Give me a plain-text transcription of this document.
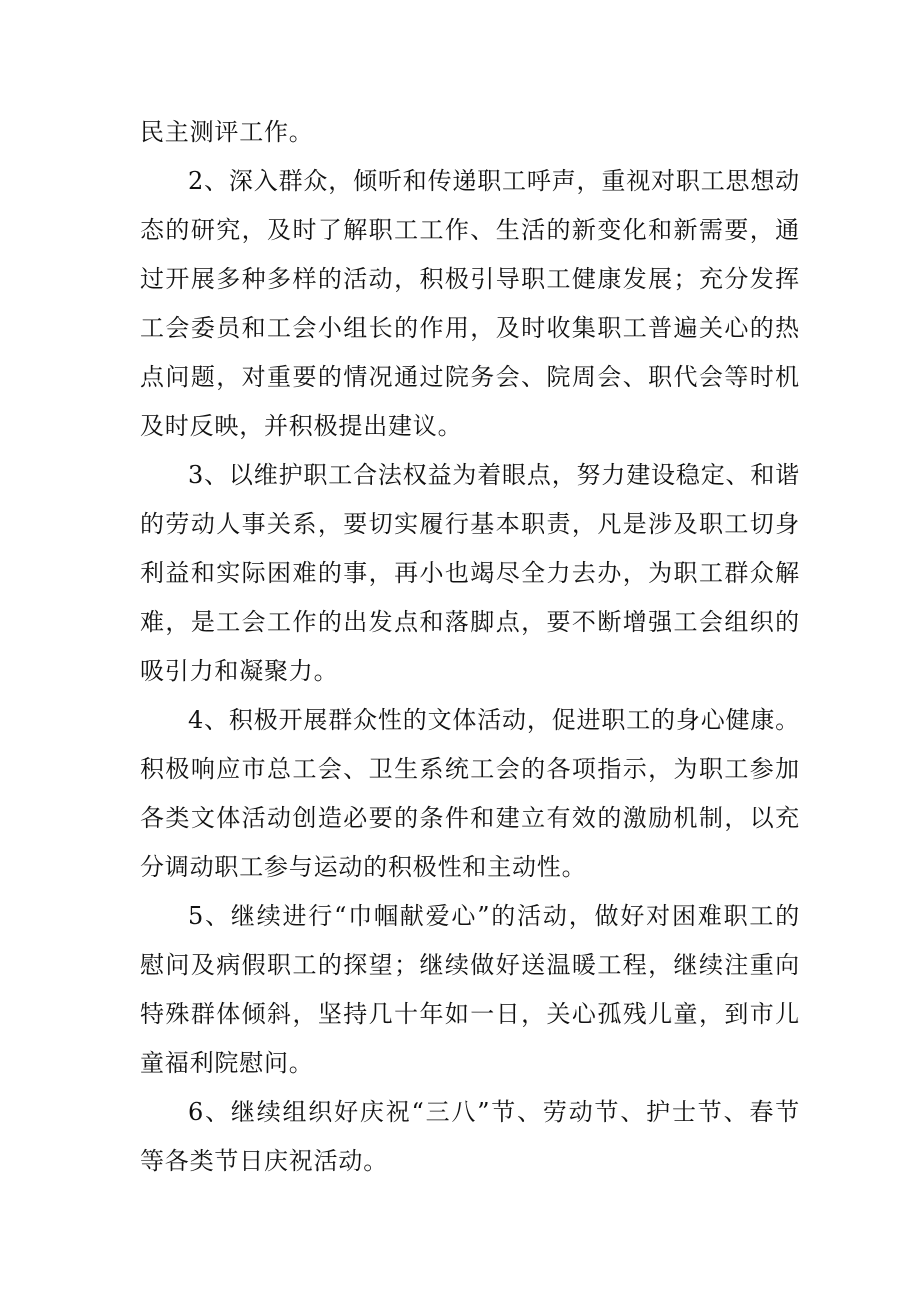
民主测评工作。

2、深入群众，倾听和传递职工呼声，重视对职工思想动态的研究，及时了解职工工作、生活的新变化和新需要，通过开展多种多样的活动，积极引导职工健康发展；充分发挥工会委员和工会小组长的作用，及时收集职工普遍关心的热点问题，对重要的情况通过院务会、院周会、职代会等时机及时反映，并积极提出建议。

3、以维护职工合法权益为着眼点，努力建设稳定、和谐的劳动人事关系，要切实履行基本职责，凡是涉及职工切身利益和实际困难的事，再小也竭尽全力去办，为职工群众解难，是工会工作的出发点和落脚点，要不断增强工会组织的吸引力和凝聚力。

4、积极开展群众性的文体活动，促进职工的身心健康。积极响应市总工会、卫生系统工会的各项指示，为职工参加各类文体活动创造必要的条件和建立有效的激励机制，以充分调动职工参与运动的积极性和主动性。

5、继续进行“巾帼献爱心”的活动，做好对困难职工的慰问及病假职工的探望；继续做好送温暖工程，继续注重向特殊群体倾斜，坚持几十年如一日，关心孤残儿童，到市儿童福利院慰问。

6、继续组织好庆祝“三八”节、劳动节、护士节、春节等各类节日庆祝活动。
